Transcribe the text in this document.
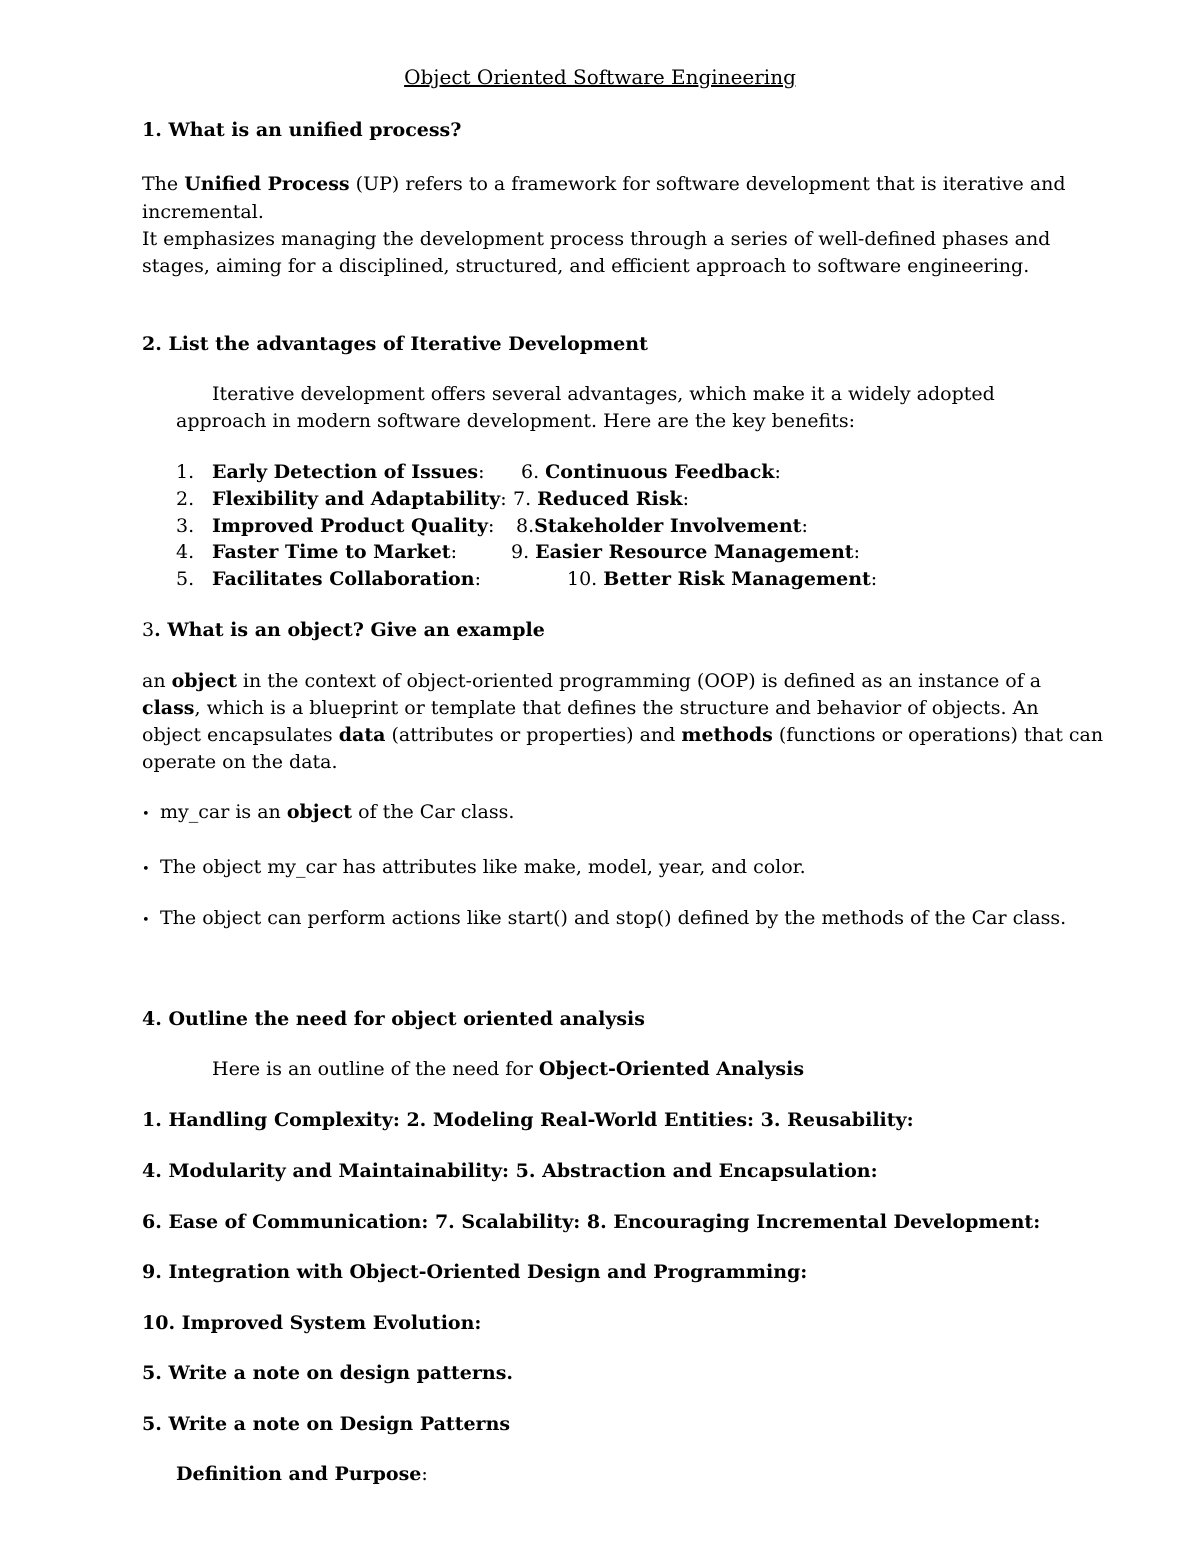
Object Oriented Software Engineering
1. What is an unified process?
The Unified Process (UP) refers to a framework for software development that is iterative and
incremental.
It emphasizes managing the development process through a series of well-defined phases and
stages, aiming for a disciplined, structured, and efficient approach to software engineering.
2. List the advantages of Iterative Development
Iterative development offers several advantages, which make it a widely adopted
approach in modern software development. Here are the key benefits:
1. Early Detection of Issues:
2. Flexibility and Adaptability:
3. Improved Product Quality:
4. Faster Time to Market:
5. Facilitates Collaboration:
6. Continuous Feedback:
7. Reduced Risk:
8.Stakeholder Involvement:
9. Easier Resource Management:
10. Better Risk Management:
3. What is an object? Give an example
an object in the context of object-oriented programming (OOP) is defined as an instance of a
class, which is a blueprint or template that defines the structure and behavior of objects. An
object encapsulates data (attributes or properties) and methods (functions or operations) that can
operate on the data.
• my_car is an object of the Car class.
• The object my_car has attributes like make, model, year, and color.
• The object can perform actions like start() and stop() defined by the methods of the Car class.
4. Outline the need for object oriented analysis
Here is an outline of the need for Object-Oriented Analysis
1. Handling Complexity: 2. Modeling Real-World Entities: 3. Reusability:
4. Modularity and Maintainability: 5. Abstraction and Encapsulation:
6. Ease of Communication: 7. Scalability: 8. Encouraging Incremental Development:
9. Integration with Object-Oriented Design and Programming:
10. Improved System Evolution:
5. Write a note on design patterns.
5. Write a note on Design Patterns
Definition and Purpose:
